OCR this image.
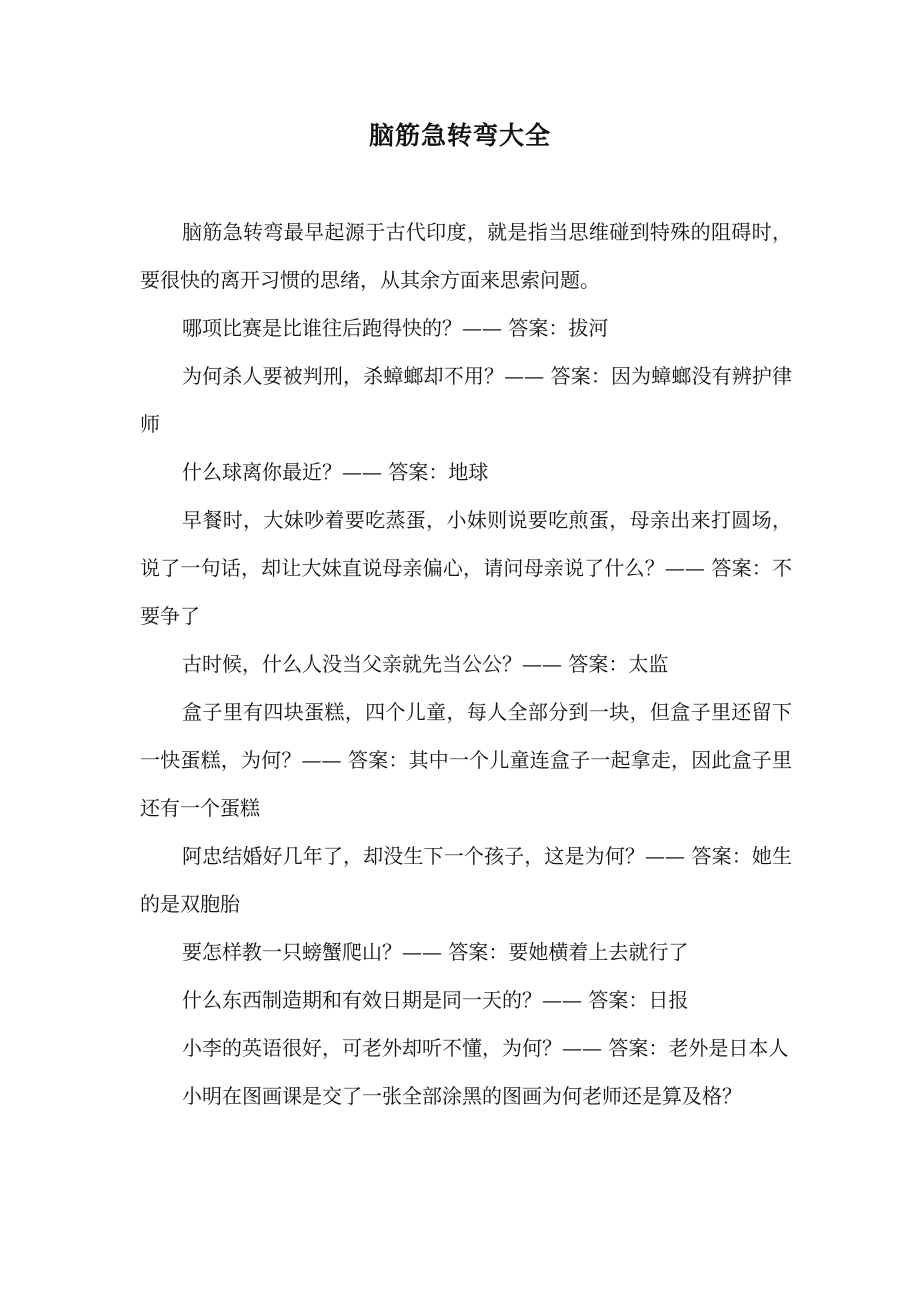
脑筋急转弯大全

脑筋急转弯最早起源于古代印度，就是指当思维碰到特殊的阻碍时，要很快的离开习惯的思绪，从其余方面来思索问题。

哪项比赛是比谁往后跑得快的？—— 答案：拔河

为何杀人要被判刑，杀蟑螂却不用？—— 答案：因为蟑螂没有辨护律师

什么球离你最近？—— 答案：地球

早餐时，大妹吵着要吃蒸蛋，小妹则说要吃煎蛋，母亲出来打圆场，说了一句话，却让大妹直说母亲偏心，请问母亲说了什么？—— 答案：不要争了

古时候，什么人没当父亲就先当公公？—— 答案：太监

盒子里有四块蛋糕，四个儿童，每人全部分到一块，但盒子里还留下一快蛋糕，为何？—— 答案：其中一个儿童连盒子一起拿走，因此盒子里还有一个蛋糕

阿忠结婚好几年了，却没生下一个孩子，这是为何？—— 答案：她生的是双胞胎

要怎样教一只螃蟹爬山？—— 答案：要她横着上去就行了

什么东西制造期和有效日期是同一天的？—— 答案：日报

小李的英语很好，可老外却听不懂，为何？—— 答案：老外是日本人

小明在图画课是交了一张全部涂黑的图画为何老师还是算及格？
